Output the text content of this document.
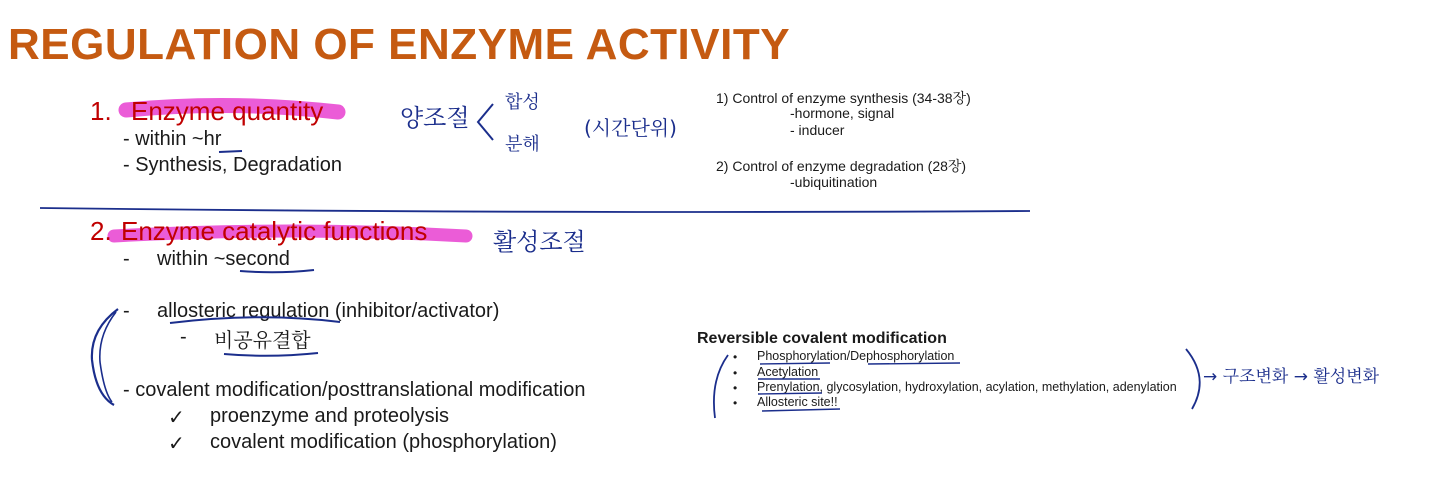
REGULATION OF ENZYME ACTIVITY
1. Enzyme quantity
- within ~hr
- Synthesis, Degradation
양조절
합성
분해
(시간단위)
1) Control of enzyme synthesis (34-38장)
-hormone, signal
- inducer
2) Control of enzyme degradation (28장)
-ubiquitination
2. Enzyme catalytic functions	활성조절
- within ~second
- allosteric regulation (inhibitor/activator)
- 비공유결합
- covalent modification/posttranslational modification
✓ proenzyme and proteolysis
✓ covalent modification (phosphorylation)
Reversible covalent modification
• Phosphorylation/Dephosphorylation
• Acetylation
• Prenylation, glycosylation, hydroxylation, acylation, methylation, adenylation
• Allosteric site!!
→ 구조변화 → 활성변화
